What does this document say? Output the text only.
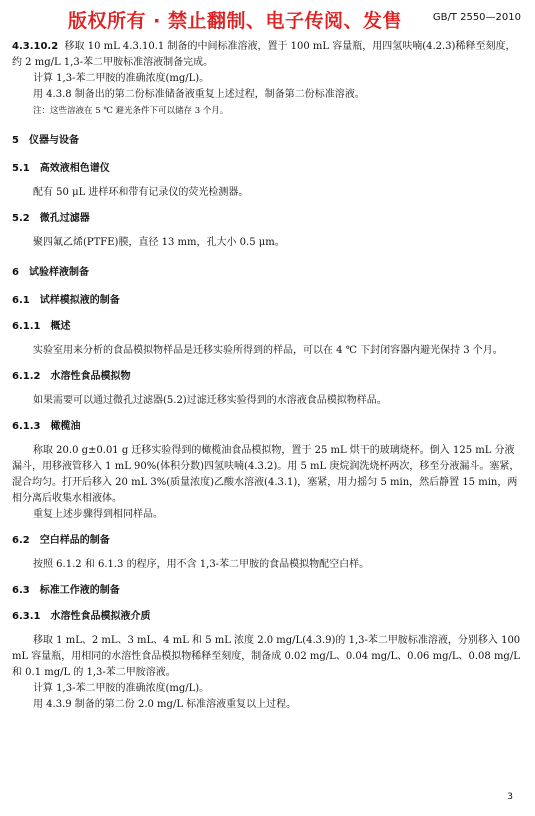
版权所有 · 禁止翻制、电子传阅、发售	GB/T 2550—2010

4.3.10.2 移取 10 mL 4.3.10.1 制备的中间标准溶液，置于 100 mL 容量瓶，用四氢呋喃(4.2.3)稀释至刻度，约 2 mg/L 1,3-苯二甲胺标准溶液制备完成。

计算 1,3-苯二甲胺的准确浓度(mg/L)。

用 4.3.8 制备出的第二份标准储备液重复上述过程，制备第二份标准溶液。

注：这些溶液在 5 ℃ 避光条件下可以储存 3 个月。

5 仪器与设备

5.1 高效液相色谱仪

配有 50 μL 进样环和带有记录仪的荧光检测器。

5.2 微孔过滤器

聚四氟乙烯(PTFE)膜，直径 13 mm，孔大小 0.5 μm。

6 试验样液制备

6.1 试样模拟液的制备

6.1.1 概述

实验室用来分析的食品模拟物样品是迁移实验所得到的样品，可以在 4 ℃ 下封闭容器内避光保持 3 个月。

6.1.2 水溶性食品模拟物

如果需要可以通过微孔过滤器(5.2)过滤迁移实验得到的水溶液食品模拟物样品。

6.1.3 橄榄油

称取 20.0 g±0.01 g 迁移实验得到的橄榄油食品模拟物，置于 25 mL 烘干的玻璃烧杯。倒入 125 mL 分液漏斗，用移液管移入 1 mL 90%(体积分数)四氢呋喃(4.3.2)。用 5 mL 庚烷润洗烧杯两次，移至分液漏斗。塞紧，混合均匀。打开后移入 20 mL 3%(质量浓度)乙酸水溶液(4.3.1)，塞紧，用力摇匀 5 min，然后静置 15 min，两相分离后收集水相液体。

重复上述步骤得到相同样品。

6.2 空白样品的制备

按照 6.1.2 和 6.1.3 的程序，用不含 1,3-苯二甲胺的食品模拟物配空白样。

6.3 标准工作液的制备

6.3.1 水溶性食品模拟液介质

移取 1 mL、2 mL、3 mL、4 mL 和 5 mL 浓度 2.0 mg/L(4.3.9)的 1,3-苯二甲胺标准溶液，分别移入 100 mL 容量瓶，用相同的水溶性食品模拟物稀释至刻度，制备成 0.02 mg/L、0.04 mg/L、0.06 mg/L、0.08 mg/L 和 0.1 mg/L 的 1,3-苯二甲胺溶液。

计算 1,3-苯二甲胺的准确浓度(mg/L)。

用 4.3.9 制备的第二份 2.0 mg/L 标准溶液重复以上过程。

3
